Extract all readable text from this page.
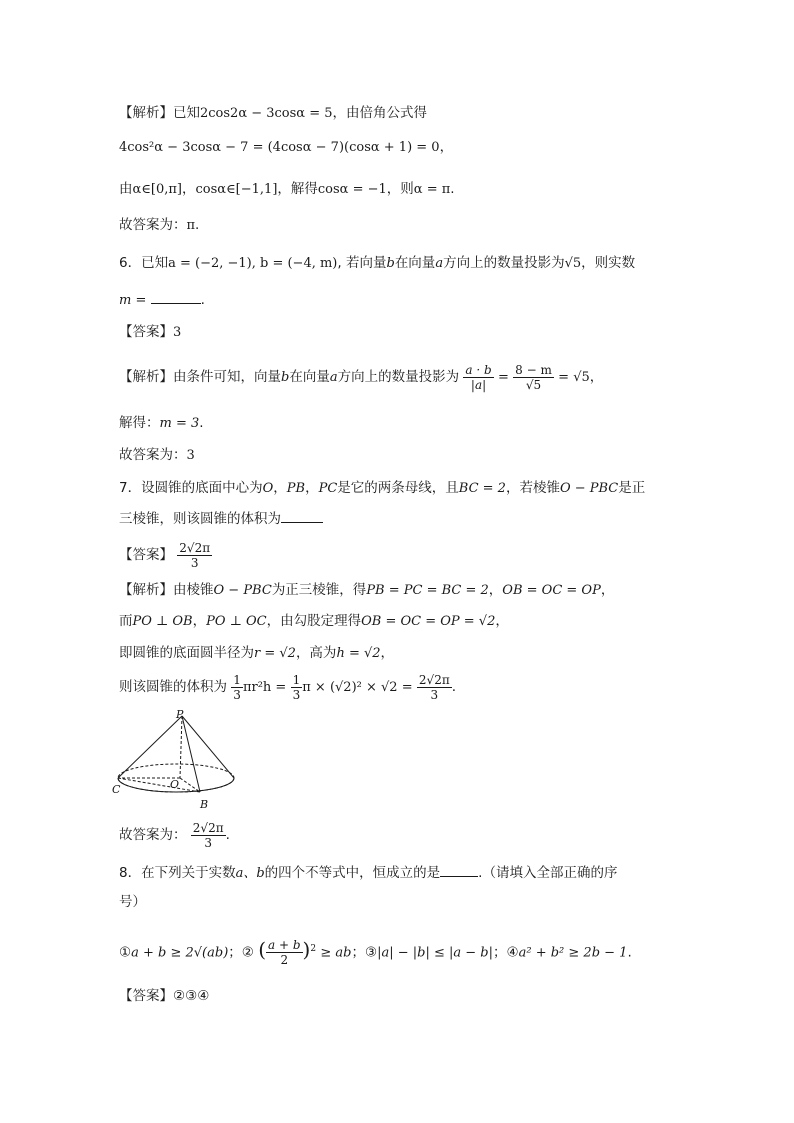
【解析】已知2cos2α − 3cosα = 5，由倍角公式得
4cos²α − 3cosα − 7 = (4cosα − 7)(cosα + 1) = 0，
由α∈[0,π]，cosα∈[−1,1]，解得cosα = −1，则α = π.
故答案为：π.
6．已知a = (−2, −1), b = (−4, m), 若向量b在向量a方向上的数量投影为√5，则实数
m =	.
【答案】3
【解析】由条件可知，向量b在向量a方向上的数量投影为 $\frac{a \cdot b}{|a|} = \frac{8 - m}{√5} = √5$，
解得：m = 3.
故答案为：3
7．设圆锥的底面中心为O，PB，PC是它的两条母线，且BC = 2，若棱锥O − PBC是正
三棱锥，则该圆锥的体积为
【答案】 $\frac{2√2\pi}{3}$
【解析】由棱锥O − PBC为正三棱锥，得PB = PC = BC = 2，OB = OC = OP，
而PO ⊥ OB，PO ⊥ OC，由勾股定理得OB = OC = OP = √2，
即圆锥的底面圆半径为r = √2，高为h = √2，
则该圆锥的体积为 $\frac{1}{3} \pi r^2h = \frac{1}{3}$ $\pi \times (√2)^2 \times √2 = \frac{2√2\pi}{3}$ .
P
C	O
B
故答案为： $\frac{2√2\pi}{3}$ .
8．在下列关于实数a、b的四个不等式中，恒成立的是	.（请填入全部正确的序
号）
①a + b ≥ 2√(ab)；② ( $\frac{a + b}{2} )^2$ ≥ ab；③|a| − |b| ≤ |a − b|；④a² + b² ≥ 2b − 1.
【答案】②③④
